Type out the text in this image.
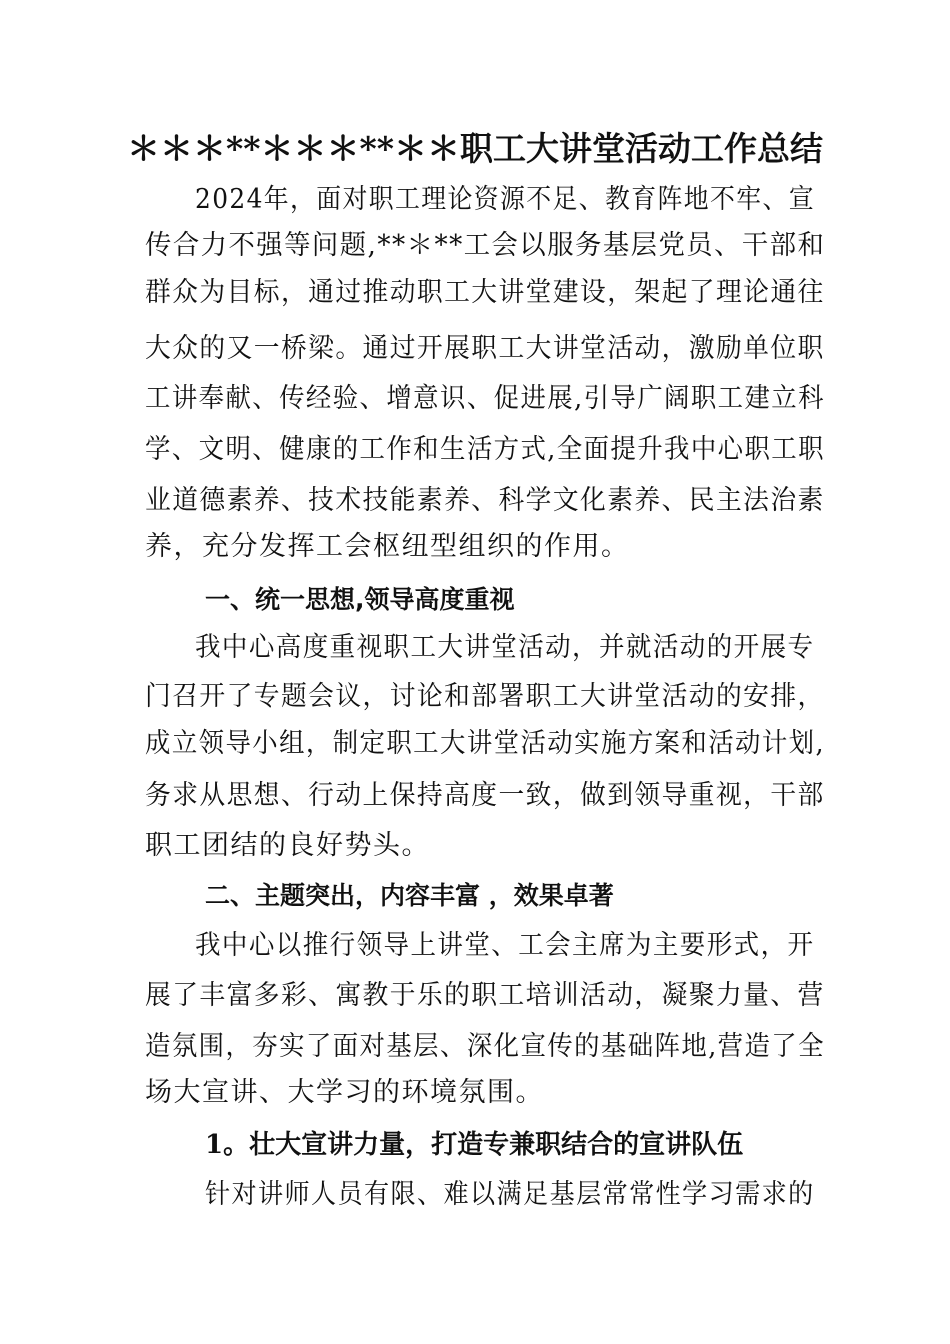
＊＊＊**＊＊＊**＊＊职工大讲堂活动工作总结

2024年，面对职工理论资源不足、教育阵地不牢、宣

传合力不强等问题,**＊**工会以服务基层党员、干部和

群众为目标，通过推动职工大讲堂建设，架起了理论通往

大众的又一桥梁。通过开展职工大讲堂活动，激励单位职

工讲奉献、传经验、增意识、促进展,引导广阔职工建立科

学、文明、健康的工作和生活方式,全面提升我中心职工职

业道德素养、技术技能素养、科学文化素养、民主法治素

养，充分发挥工会枢纽型组织的作用。

一、统一思想,领导高度重视

我中心高度重视职工大讲堂活动，并就活动的开展专

门召开了专题会议，讨论和部署职工大讲堂活动的安排，

成立领导小组，制定职工大讲堂活动实施方案和活动计划,

务求从思想、行动上保持高度一致，做到领导重视，干部

职工团结的良好势头。

二、主题突出，内容丰富 ，效果卓著

我中心以推行领导上讲堂、工会主席为主要形式，开

展了丰富多彩、寓教于乐的职工培训活动，凝聚力量、营

造氛围，夯实了面对基层、深化宣传的基础阵地,营造了全

场大宣讲、大学习的环境氛围。

1。壮大宣讲力量，打造专兼职结合的宣讲队伍

针对讲师人员有限、难以满足基层常常性学习需求的
